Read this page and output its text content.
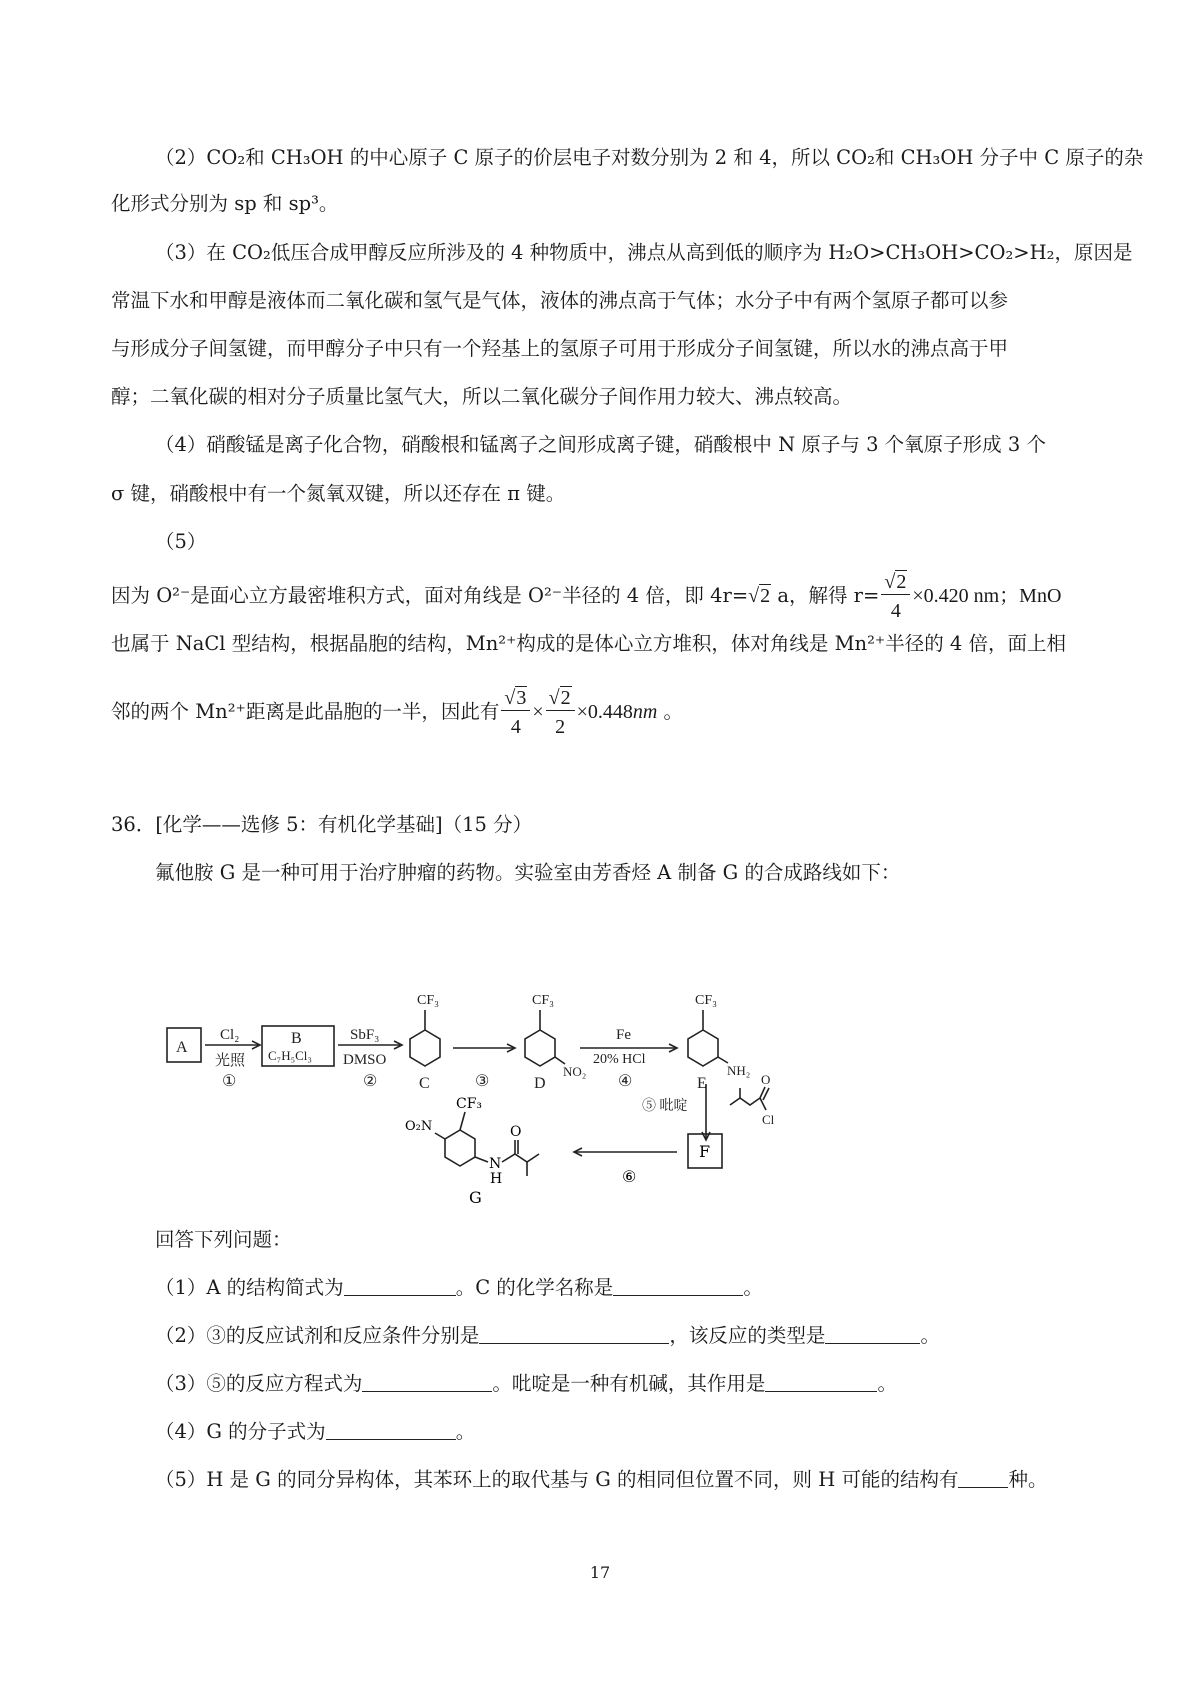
（2）CO₂和 CH₃OH 的中心原子 C 原子的价层电子对数分别为 2 和 4，所以 CO₂和 CH₃OH 分子中 C 原子的杂
化形式分别为 sp 和 sp³。
（3）在 CO₂低压合成甲醇反应所涉及的 4 种物质中，沸点从高到低的顺序为 H₂O>CH₃OH>CO₂>H₂，原因是
常温下水和甲醇是液体而二氧化碳和氢气是气体，液体的沸点高于气体；水分子中有两个氢原子都可以参
与形成分子间氢键，而甲醇分子中只有一个羟基上的氢原子可用于形成分子间氢键，所以水的沸点高于甲
醇；二氧化碳的相对分子质量比氢气大，所以二氧化碳分子间作用力较大、沸点较高。
（4）硝酸锰是离子化合物，硝酸根和锰离子之间形成离子键，硝酸根中 N 原子与 3 个氧原子形成 3 个
σ 键，硝酸根中有一个氮氧双键，所以还存在 π 键。
（5）
因为 O²⁻是面心立方最密堆积方式，面对角线是 O²⁻半径的 4 倍，即 4r=√2 a，解得 $r= \frac{√2}{4} \times 0.420$ nm；MnO
也属于 NaCl 型结构，根据晶胞的结构，Mn²⁺构成的是体心立方堆积，体对角线是 Mn²⁺半径的 4 倍，面上相
邻的两个 Mn²⁺距离是此晶胞的一半，因此有 $\frac{√3}{4} \times \frac{√2}{2} \times 0.448nm$ 。
36．[化学——选修 5：有机化学基础]（15 分）
氟他胺 G 是一种可用于治疗肿瘤的药物。实验室由芳香烃 A 制备 G 的合成路线如下：
A
B
C₇H₅Cl₃
Cl₂
光照
①
SbF₃
DMSO
②
CF₃
C	③
CF₃
NO₂
D
Fe
20% HCl
④
CF₃
NH₂
E
⑤ 吡啶
O
Cl
CF₃
O₂N
N
H
O
G
F
⑥
回答下列问题：
（1）A 的结构简式为	。C 的化学名称是	。
（2）③的反应试剂和反应条件分别是	，该反应的类型是	。
（3）⑤的反应方程式为	。吡啶是一种有机碱，其作用是	。
（4）G 的分子式为	。
（5）H 是 G 的同分异构体，其苯环上的取代基与 G 的相同但位置不同，则 H 可能的结构有	种。
17
